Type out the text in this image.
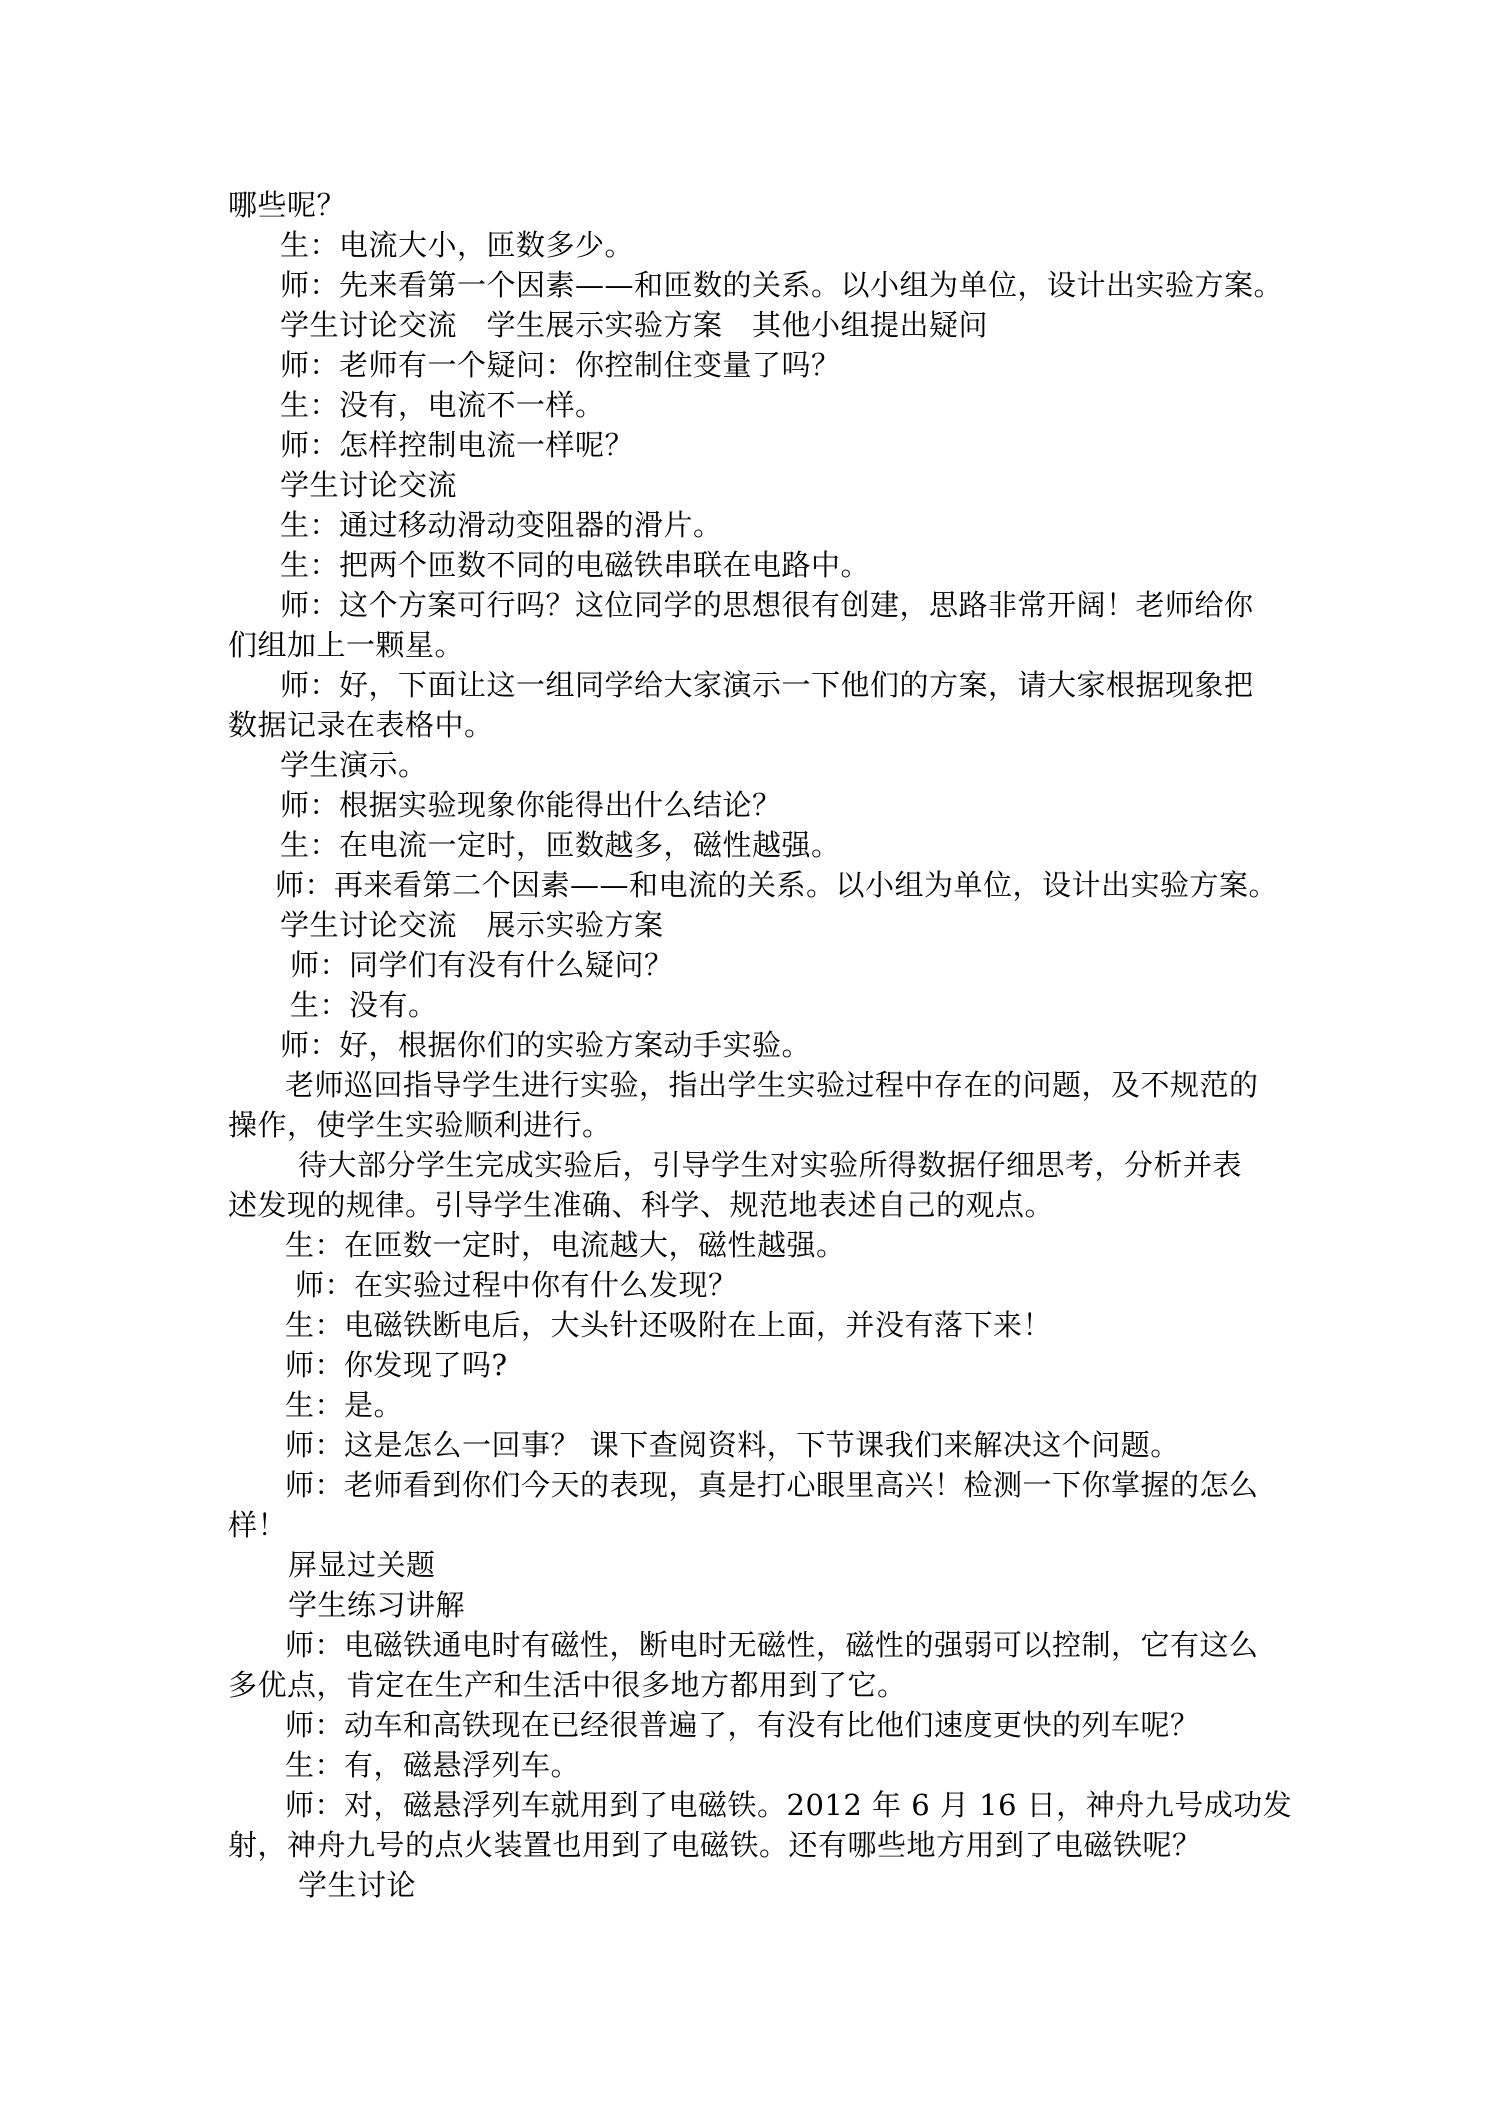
哪些呢？
生：电流大小，匝数多少。
师：先来看第一个因素——和匝数的关系。以小组为单位，设计出实验方案。
学生讨论交流　学生展示实验方案　其他小组提出疑问
师：老师有一个疑问：你控制住变量了吗？
生：没有，电流不一样。
师：怎样控制电流一样呢？
学生讨论交流
生：通过移动滑动变阻器的滑片。
生：把两个匝数不同的电磁铁串联在电路中。
师：这个方案可行吗？这位同学的思想很有创建，思路非常开阔！老师给你
们组加上一颗星。
师：好，下面让这一组同学给大家演示一下他们的方案，请大家根据现象把
数据记录在表格中。
学生演示。
师：根据实验现象你能得出什么结论？
生：在电流一定时，匝数越多，磁性越强。
师：再来看第二个因素——和电流的关系。以小组为单位，设计出实验方案。
学生讨论交流　展示实验方案
师：同学们有没有什么疑问？
生：没有。
师：好，根据你们的实验方案动手实验。
老师巡回指导学生进行实验，指出学生实验过程中存在的问题，及不规范的
操作，使学生实验顺利进行。
待大部分学生完成实验后，引导学生对实验所得数据仔细思考，分析并表
述发现的规律。引导学生准确、科学、规范地表述自己的观点。
生：在匝数一定时，电流越大，磁性越强。
师：在实验过程中你有什么发现？
生：电磁铁断电后，大头针还吸附在上面，并没有落下来！
师：你发现了吗?
生：是。
师：这是怎么一回事？ 课下查阅资料，下节课我们来解决这个问题。
师：老师看到你们今天的表现，真是打心眼里高兴！检测一下你掌握的怎么
样！
屏显过关题
学生练习讲解
师：电磁铁通电时有磁性，断电时无磁性，磁性的强弱可以控制，它有这么
多优点，肯定在生产和生活中很多地方都用到了它。
师：动车和高铁现在已经很普遍了，有没有比他们速度更快的列车呢？
生：有，磁悬浮列车。
师：对，磁悬浮列车就用到了电磁铁。2012 年 6 月 16 日，神舟九号成功发
射，神舟九号的点火装置也用到了电磁铁。还有哪些地方用到了电磁铁呢？
学生讨论
